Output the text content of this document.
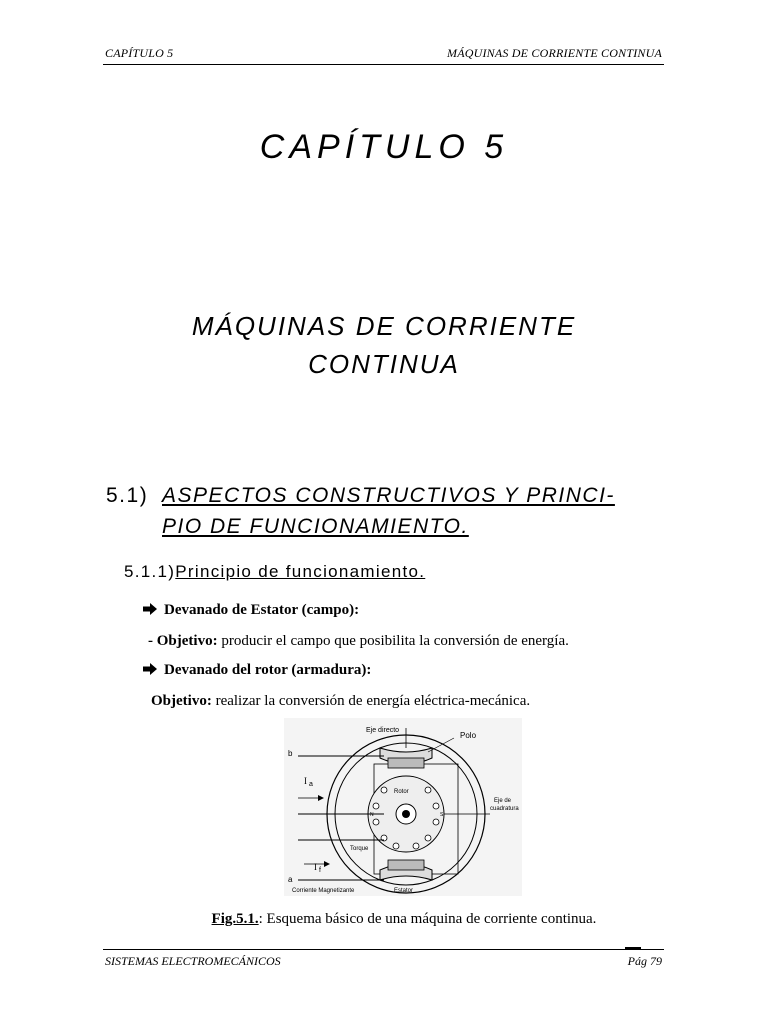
CAPÍTULO 5	MÁQUINAS DE CORRIENTE CONTINUA
CAPÍTULO 5
MÁQUINAS DE CORRIENTE
CONTINUA
5.1) ASPECTOS CONSTRUCTIVOS Y PRINCI-
PIO DE FUNCIONAMIENTO.
5.1.1)Principio de funcionamiento.
Devanado de Estator (campo):
- Objetivo: producir el campo que posibilita la conversión de energía.
Devanado del rotor (armadura):
Objetivo: realizar la conversión de energía eléctrica-mecánica.
Eje directo
Polo
b
I a
Rotor
Eje de
cuadratura
N	S
Torque
I f
a
Corriente Magnetizante	Estator
Fig.5.1.: Esquema básico de una máquina de corriente continua.
SISTEMAS ELECTROMECÁNICOS	Pág 79
